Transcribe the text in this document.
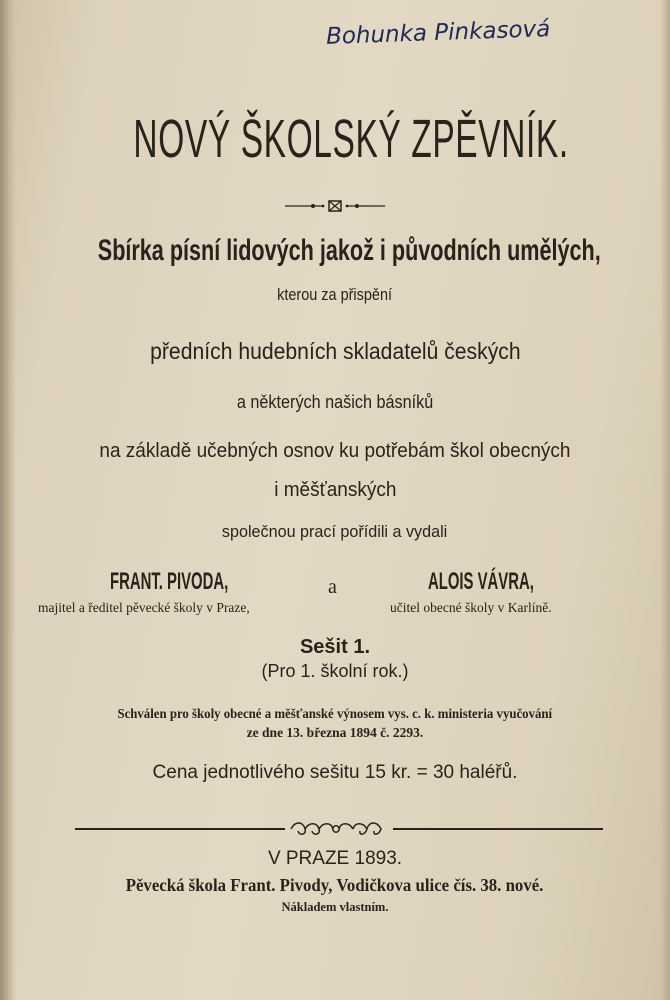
Bohunka Pinkasová
NOVÝ ŠKOLSKÝ ZPĚVNÍK.
Sbírka písní lidových jakož i původních umělých,
kterou za přispění
předních hudebních skladatelů českých
a některých našich básníků
na základě učebných osnov ku potřebám škol obecných
i měšťanských
společnou prací pořídili a vydali
FRANT. PIVODA,
majitel a ředitel pěvecké školy v Praze,
a	ALOIS VÁVRA,
učitel obecné školy v Karlíně.
Sešit 1.
(Pro 1. školní rok.)
Schválen pro školy obecné a měšťanské výnosem vys. c. k. ministeria vyučování
ze dne 13. března 1894 č. 2293.
Cena jednotlivého sešitu 15 kr. = 30 haléřů.
V PRAZE 1893.
Pěvecká škola Frant. Pivody, Vodičkova ulice čís. 38. nové.
Nákladem vlastním.
